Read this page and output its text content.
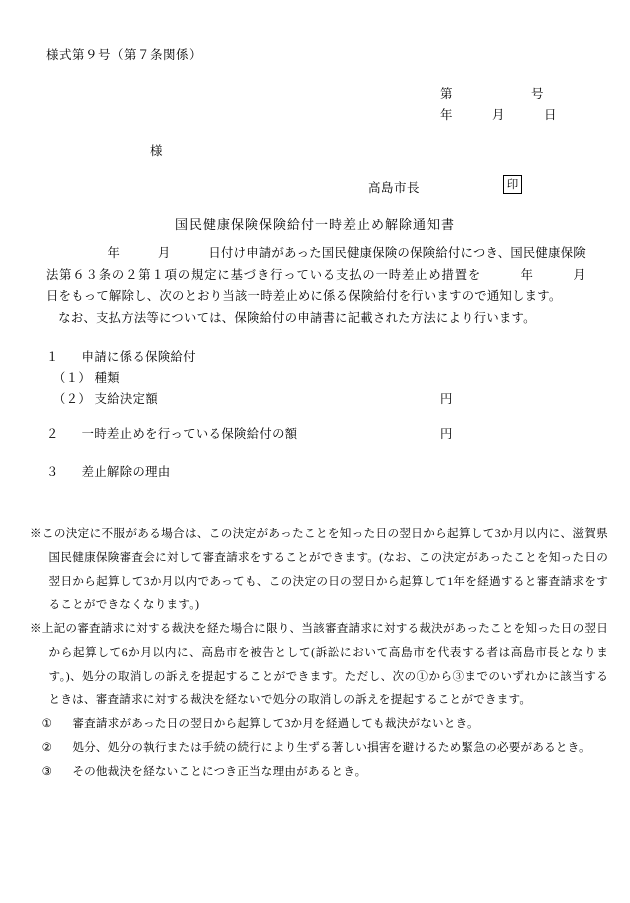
様式第９号（第７条関係）
第　　　　　　号
年　　　月　　　日
様
高島市長	印
国民健康保険保険給付一時差止め解除通知書

年　　　月　　　日付け申請があった国民健康保険の保険給付につき、国民健康保険法第６３条の２第１項の規定に基づき行っている支払の一時差止め措置を　　　年　　　月　　　日をもって解除し、次のとおり当該一時差止めに係る保険給付を行いますので通知します。

なお、支払方法等については、保険給付の申請書に記載された方法により行います。

１ 申請に係る保険給付
（１） 種類
（２） 支給決定額	円
２ 一時差止めを行っている保険給付の額	円
３ 差止解除の理由

※この決定に不服がある場合は、この決定があったことを知った日の翌日から起算して3か月以内に、滋賀県国民健康保険審査会に対して審査請求をすることができます。(なお、この決定があったことを知った日の翌日から起算して3か月以内であっても、この決定の日の翌日から起算して1年を経過すると審査請求をすることができなくなります。)

※上記の審査請求に対する裁決を経た場合に限り、当該審査請求に対する裁決があったことを知った日の翌日から起算して6か月以内に、高島市を被告として(訴訟において高島市を代表する者は高島市長となります。)、処分の取消しの訴えを提起することができます。ただし、次の①から③までのいずれかに該当するときは、審査請求に対する裁決を経ないで処分の取消しの訴えを提起することができます。

① 審査請求があった日の翌日から起算して3か月を経過しても裁決がないとき。

② 処分、処分の執行または手続の続行により生ずる著しい損害を避けるため緊急の必要があるとき。

③ その他裁決を経ないことにつき正当な理由があるとき。
